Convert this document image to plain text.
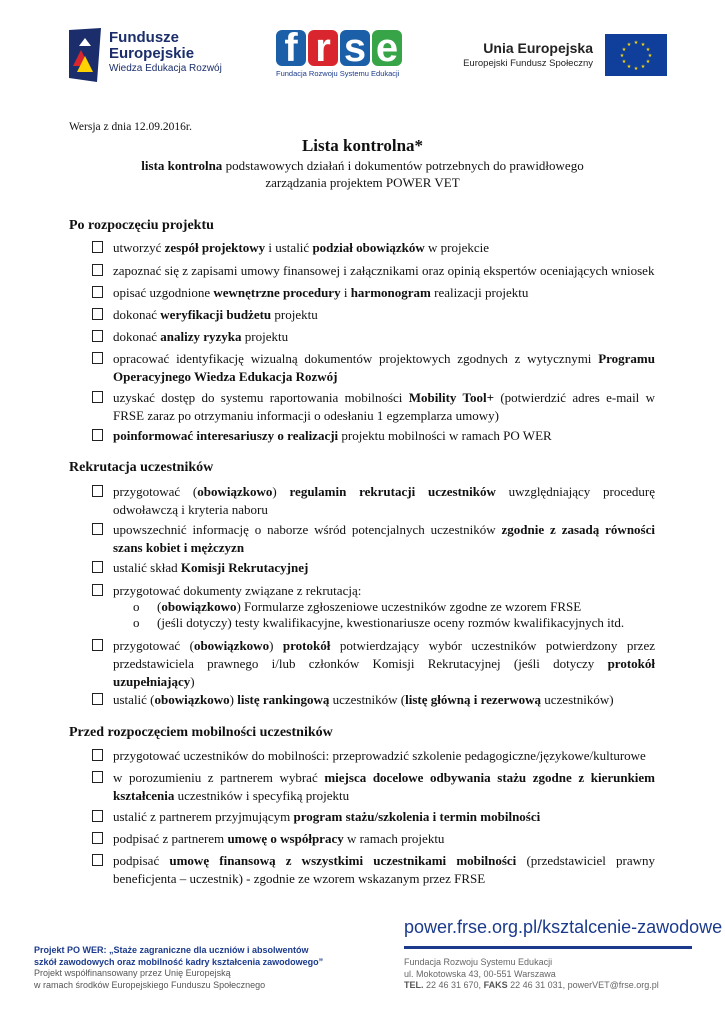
Fundusze
Europejskie
Wiedza Edukacja Rozwój f r s e
Fundacja Rozwoju Systemu Edukacji
Unia Europejska
Europejski Fundusz Społeczny
★ ★
★
★
★
★
★
★
★
★
★
★
Wersja z dnia 12.09.2016r.
Lista kontrolna*
lista kontrolna podstawowych działań i dokumentów potrzebnych do prawidłowego
zarządzania projektem POWER VET
Po rozpoczęciu projektu
utworzyć zespół projektowy i ustalić podział obowiązków w projekcie
zapoznać się z zapisami umowy finansowej i załącznikami oraz opinią ekspertów oceniających wniosek
opisać uzgodnione wewnętrzne procedury i harmonogram realizacji projektu
dokonać weryfikacji budżetu projektu
dokonać analizy ryzyka projektu
opracować identyfikację wizualną dokumentów projektowych zgodnych z wytycznymi Programu Operacyjnego Wiedza Edukacja Rozwój
uzyskać dostęp do systemu raportowania mobilności Mobility Tool+ (potwierdzić adres e-mail w FRSE zaraz po otrzymaniu informacji o odesłaniu 1 egzemplarza umowy)
poinformować interesariuszy o realizacji projektu mobilności w ramach PO WER
Rekrutacja uczestników
przygotować (obowiązkowo) regulamin rekrutacji uczestników uwzględniający procedurę odwoławczą i kryteria naboru
upowszechnić informację o naborze wśród potencjalnych uczestników zgodnie z zasadą równości szans kobiet i mężczyzn
ustalić skład Komisji Rekrutacyjnej
przygotować dokumenty związane z rekrutacją:
o (obowiązkowo) Formularze zgłoszeniowe uczestników zgodne ze wzorem FRSE
o (jeśli dotyczy) testy kwalifikacyjne, kwestionariusze oceny rozmów kwalifikacyjnych itd.
przygotować (obowiązkowo) protokół potwierdzający wybór uczestników potwierdzony przez przedstawiciela prawnego i/lub członków Komisji Rekrutacyjnej (jeśli dotyczy protokół uzupełniający)
ustalić (obowiązkowo) listę rankingową uczestników (listę główną i rezerwową uczestników)
Przed rozpoczęciem mobilności uczestników
przygotować uczestników do mobilności: przeprowadzić szkolenie pedagogiczne/językowe/kulturowe
w porozumieniu z partnerem wybrać miejsca docelowe odbywania stażu zgodne z kierunkiem kształcenia uczestników i specyfiką projektu
ustalić z partnerem przyjmującym program stażu/szkolenia i termin mobilności
podpisać z partnerem umowę o współpracy w ramach projektu
podpisać umowę finansową z wszystkimi uczestnikami mobilności (przedstawiciel prawny beneficjenta – uczestnik) - zgodnie ze wzorem wskazanym przez FRSE
power.frse.org.pl/ksztalcenie-zawodowe
Projekt PO WER: „Staże zagraniczne dla uczniów i absolwentów
szkół zawodowych oraz mobilność kadry kształcenia zawodowego”
Projekt współfinansowany przez Unię Europejską
w ramach środków Europejskiego Funduszu Społecznego
Fundacja Rozwoju Systemu Edukacji
ul. Mokotowska 43, 00-551 Warszawa
TEL. 22 46 31 670, FAKS 22 46 31 031, powerVET@frse.org.pl
